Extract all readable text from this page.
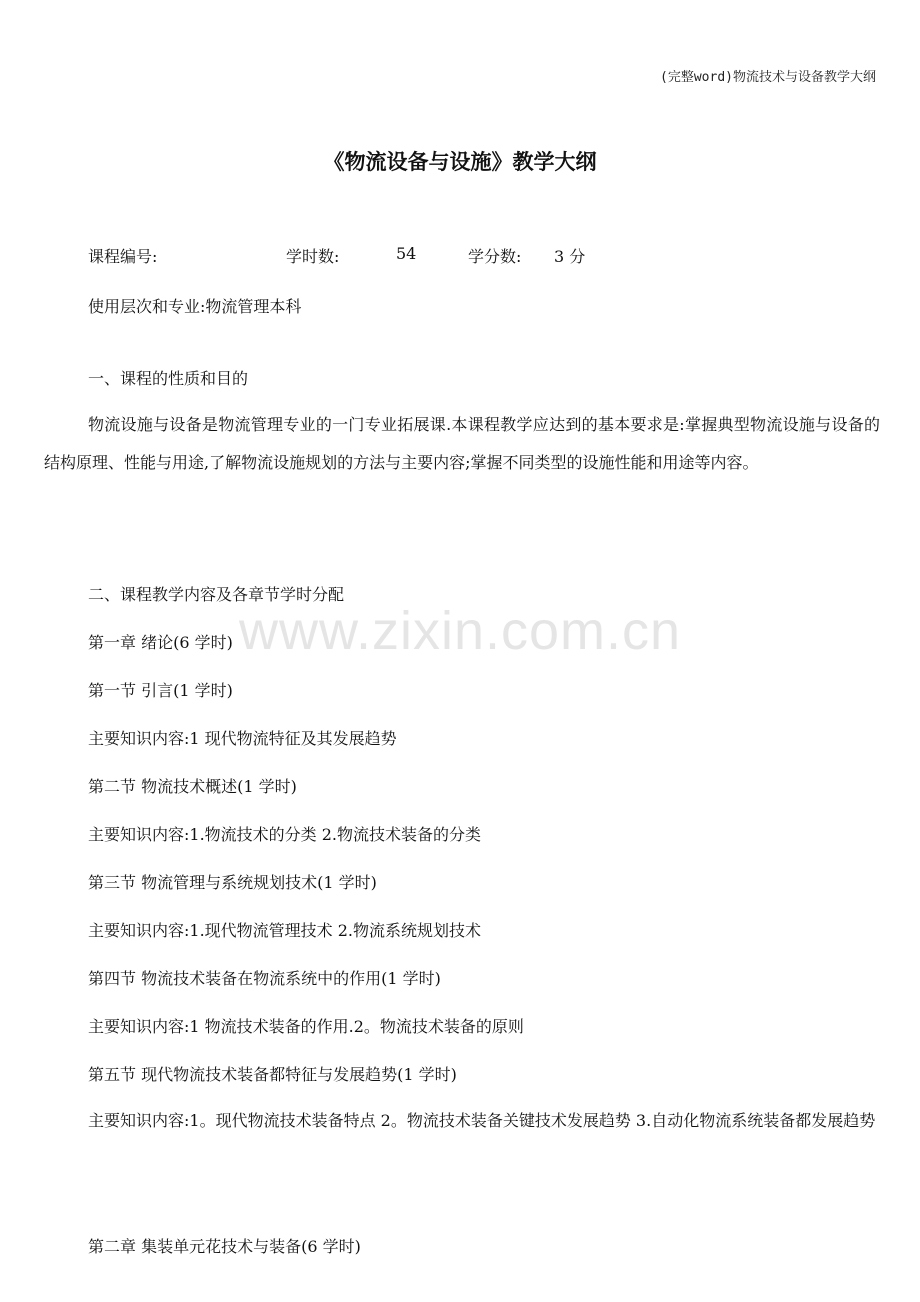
(完整word)物流技术与设备教学大纲
www.zixin.com.cn
《物流设备与设施》教学大纲
课程编号:	学时数:	54	学分数: 3 分
使用层次和专业:物流管理本科
一、课程的性质和目的
物流设施与设备是物流管理专业的一门专业拓展课.本课程教学应达到的基本要求是:掌握典型物流设施与设备的结构原理、性能与用途,了解物流设施规划的方法与主要内容;掌握不同类型的设施性能和用途等内容。
二、课程教学内容及各章节学时分配
第一章 绪论(6 学时)
第一节 引言(1 学时)
主要知识内容:1 现代物流特征及其发展趋势
第二节 物流技术概述(1 学时)
主要知识内容:1.物流技术的分类 2.物流技术装备的分类
第三节 物流管理与系统规划技术(1 学时)
主要知识内容:1.现代物流管理技术 2.物流系统规划技术
第四节 物流技术装备在物流系统中的作用(1 学时)
主要知识内容:1 物流技术装备的作用.2。物流技术装备的原则
第五节 现代物流技术装备都特征与发展趋势(1 学时)
主要知识内容:1。现代物流技术装备特点 2。物流技术装备关键技术发展趋势 3.自动化物流系统装备都发展趋势
第二章 集装单元花技术与装备(6 学时)
